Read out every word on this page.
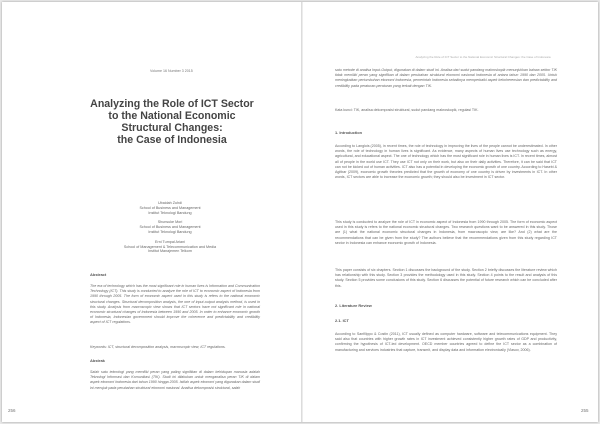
Volume 16 Number 3 2015
Analyzing the Role of ICT Sector
to the National Economic
Structural Changes:
the Case of Indonesia
Ubaidah Zuhdi
School of Business and Management
Institut Teknologi Bandung
Shunsuke Mori
School of Business and Management
Institut Teknologi Bandung
Erni Tumpal Ariani
School of Management & Telecommunication and Media
Institut Manajemen Telkom
Abstract
The era of technology which has the most significant role in human lives is Information and Communication Technology (ICT). This study is conducted to analyze the role of ICT to economic aspect of Indonesia from 1990 through 2005. The form of economic aspect used in this study is refers to the national economic structural changes. Structural decomposition analysis, the one of input-output analysis method, is used in this study. Analysis from macroscopic view shows that ICT sectors have not significant role in national economic structural changes of Indonesia between 1990 and 2005. In order to enhance economic growth of Indonesia, Indonesian government should improve the coherence and predictability and credibility aspect of ICT regulations.
Keywords: ICT, structural decomposition analysis, macroscopic view, ICT regulations.
Abstrak
Salah satu teknologi yang memiliki peran yang paling signifikan di dalam kehidupan manusia adalah Teknologi Informasi dan Komunikasi (TIK). Studi ini dilakukan untuk menganalisa peran TIK di dalam aspek ekonomi Indonesia dari tahun 1990 hingga 2005. Istilah aspek ekonomi yang digunakan dalam studi ini merujuk pada perubahan struktural ekonomi nasional. Analisa dekomposisi struktural, salah
256
Analyzing the Role of ICT Sector to the National Economic Structural Changes: the Case of Indonesia
satu metode di analisa Input-Output, digunakan di dalam studi ini. Analisa dari sudut pandang makroskopik menunjukkan bahwa sektor TIK tidak memiliki peran yang signifikan di dalam perubahan struktural ekonomi nasional Indonesia di antara tahun 1990 dan 2005. Untuk meningkatkan pertumbuhan ekonomi Indonesia, pemerintah Indonesia sebaiknya memperbaiki aspek kekoherensian dan predictability and credibility pada peraturan-peraturan yang terkait dengan TIK.
Kata kunci: TIK, analisa dekomposisi struktural, sudut pandang makroskopik, regulasi TIK.
1. Introduction
According to Langlois (2005), in recent times, the role of technology in improving the lives of the people cannot be underestimated. In other words, the role of technology in human lives is significant. As evidence, many aspects of human lives use technology such as energy, agricultural, and educational aspect. The one of technology which has the most significant role in human lives is ICT. In recent times, almost all of people in the world use ICT. They use ICT not only on their work, but also on their daily activities. Therefore, it can be said that ICT can not be kicked out of human activities. ICT also has a potential in developing the economic growth of one country. According to Hasebi & Agitbar (2009), economic growth theories predicted that the growth of economy of one country is driven by investments in ICT. In other words, ICT sectors are able to increase the economic growth; they should also be investment in ICT sector.
This study is conducted to analyze the role of ICT in economic aspect of Indonesia from 1990 through 2005. The form of economic aspect used in this study is refers to the national economic structural changes. Two research questions want to be answered in this study. Those are (1) what the national economic structural changes in Indonesia, from macroscopic view, are like? And (2) what are the recommendations that can be given from the study? The authors believe that the recommendations given from this study regarding ICT sector in Indonesia can enhance economic growth of Indonesia.
This paper consists of six chapters. Section 1 discusses the background of the study. Section 2 briefly discusses the literature review which has relationship with this study. Section 3 provides the methodology used in this study. Section 4 points to the result and analysis of this study. Section 5 provides some conclusions of this study. Section 6 discusses the potential of future research which can be concluded after this.
2. Literature Review
2.1. ICT
According to Sanfilippo & Costin (2011), ICT usually defined as computer hardware, software and telecommunications equipment. They said also that countries with higher growth rates in ICT investment achieved consistently higher growth rates of GDP and productivity, confirming the hypothesis of ICT-led development. OECD member countries agreed to define the ICT sector as a combination of manufacturing and services industries that capture, transmit, and display data and information electronically (Vlasov, 2006).
255
